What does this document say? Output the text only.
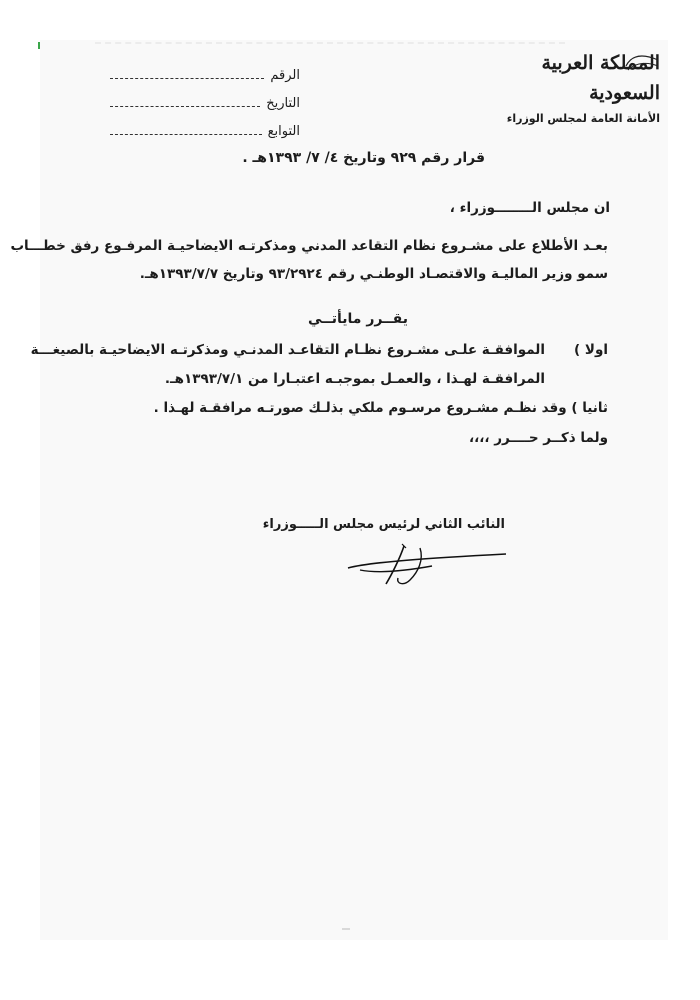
الرقم
التاريخ
التوابع
المملكة العربية السعودية
الأمانة العامة لمجلس الوزراء
قرار رقم ٩٢٩ وتاريخ ٤/ ٧/ ١٣٩٣هـ .
ان مجلس الــــــــوزراء ،
بعـد الأطلاع على مشـروع نظام التقاعد المدني ومذكرتـه الايضاحيـة المرفـوع رفق خطـــاب
سمو وزير الماليـة والاقتصـاد الوطنـي رقم ٩٣/٢٩٢٤ وتاريخ ١٣٩٣/٧/٧هـ.
يقــرر مايأتــي
اولا )
الموافقـة علـى مشـروع نظـام التقاعـد المدنـي ومذكرتـه الايضاحيـة بالصيغـــة
المرافقـة لهـذا ، والعمـل بموجبـه اعتبـارا من ١٣٩٣/٧/١هـ.
ثانيا ) وقد نظـم مشـروع مرسـوم ملكي بذلـك صورتـه مرافقـة لهـذا .
ولما ذكــر حــــرر ،،،،
النائب الثاني لرئيس مجلس الـــــوزراء
